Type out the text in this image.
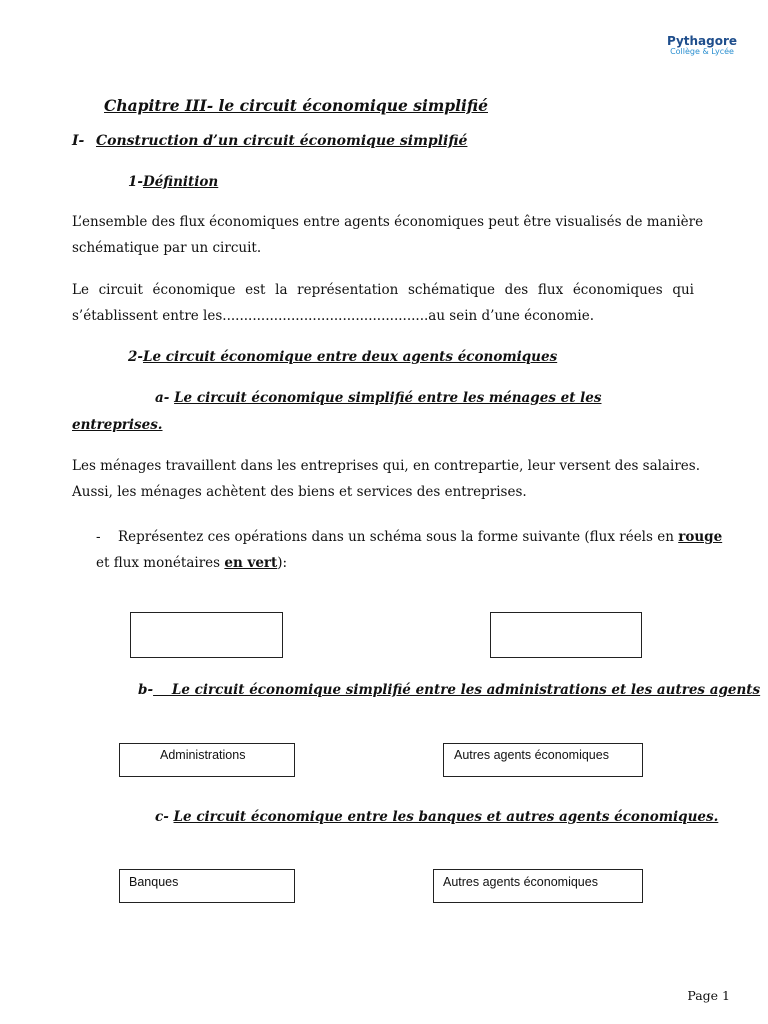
Pythagore
Collège & Lycée
Chapitre III- le circuit économique simplifié
I- Construction d’un circuit économique simplifié
1-Définition
L’ensemble des flux économiques entre agents économiques peut être visualisés de manière
schématique par un circuit.
Le circuit économique est la représentation schématique des flux économiques qui
s’établissent entre les................................................au sein d’une économie.
2-Le circuit économique entre deux agents économiques
a- Le circuit économique simplifié entre les ménages et les
entreprises.
Les ménages travaillent dans les entreprises qui, en contrepartie, leur versent des salaires.
Aussi, les ménages achètent des biens et services des entreprises.
- Représentez ces opérations dans un schéma sous la forme suivante (flux réels en rouge
et flux monétaires en vert):
b-    Le circuit économique simplifié entre les administrations et les autres agents
Administrations	Autres agents économiques
c- Le circuit économique entre les banques et autres agents économiques.
Banques	Autres agents économiques
Page 1
